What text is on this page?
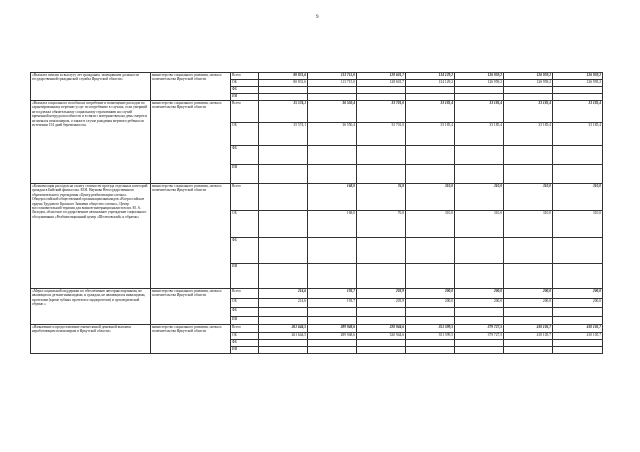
9
«Выплата пенсии за выслугу лет гражданам, замещавшим должности государственной гражданской службы Иркутской области»	министерство социального развития, опеки и попечительства Иркутской области	Всего	80 831,6	113 715,0	128 601,7	134 129,2	126 959,2	126 959,2	126 959,2
		ОБ	80 831,6	113 715,0	128 601,7	134 129,2	126 959,2	126 959,2	126 959,2
		ФБ							
		ИИ							
«Выплата социального пособия на погребение и возмещение расходов по гарантированному перечню услуг по погребению в случаях, если умерший не подлежал обязательному социальному страхованию на случай временной нетрудоспособности и в связи с материнством на день смерти и не являлся пенсионером, а также в случае рождения мертвого ребенка по истечении 154 дней беременности»	министерство социального развития, опеки и попечительства Иркутской области	Всего	35 574,1	36 550,4	33 701,0	33 185,4	33 185,4	33 185,4	33 185,4
		ОБ	35 574,1	36 550,4	33 701,0	33 185,4	33 185,4	33 185,4	33 185,4
		ФБ							
		ИИ							
«Компенсация расходов на оплату стоимости проезда отдельных категорий граждан в Бийский филиал им. М.Н. Наумова Негосударственного образовательного учреждения «Центр реабилитации слепых» Общероссийской общественной организации инвалидов «Всероссийское ордена Трудового Красного Знамени общество слепых», Центр восстановительной терапии для воинов-интернационалистов им. М. А. Лиходея, областное государственное автономное учреждение социального обслуживания «Реабилитационный центр «Шелеховский» и обратно»	министерство социального развития, опеки и попечительства Иркутской области	Всего		168,0	76,8	310,0	310,0	310,0	310,0
		ОБ		168,0	76,8	310,0	310,0	310,0	310,0
		ФБ							
		ИИ							
«Меры социальной поддержки по обеспечению автотранспортными, не являющихся детьми-инвалидами, и граждан, не являющихся инвалидами, протезами (кроме зубных протезов и эндопротезов) и ортопедической обувью »	министерство социального развития, опеки и попечительства Иркутской области	Всего	214,6	193,7	203,9	200,0	200,0	200,0	200,0
		ОБ	214,6	193,7	203,9	200,0	200,0	200,0	200,0
		ФБ							
		ИИ							
«Назначение и предоставление ежемесячной денежной выплаты неработающим пенсионерам в Иркутской области»	министерство социального развития, опеки и попечительства Иркутской области	Всего	261 644,5	289 948,6	320 944,6	351 599,5	379 727,5	410 105,7	410 105,7
		ОБ	261 644,5	289 948,6	320 944,6	351 599,5	379 727,5	410 105,7	410 105,7
		ФБ							
		ИИ							
